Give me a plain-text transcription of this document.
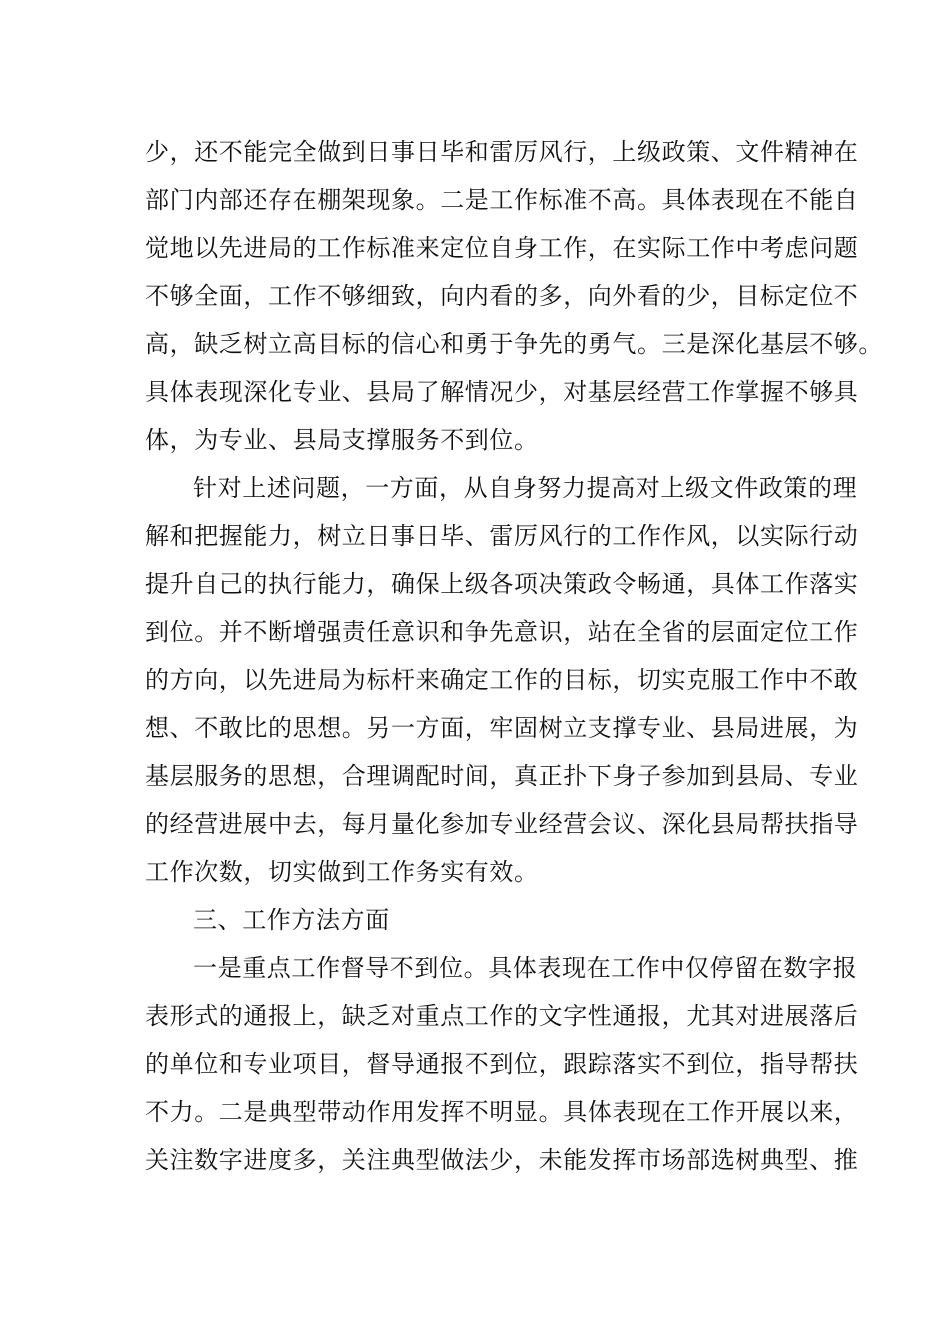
少，还不能完全做到日事日毕和雷厉风行，上级政策、文件精神在
部门内部还存在棚架现象。二是工作标准不高。具体表现在不能自
觉地以先进局的工作标准来定位自身工作，在实际工作中考虑问题
不够全面，工作不够细致，向内看的多，向外看的少，目标定位不
高，缺乏树立高目标的信心和勇于争先的勇气。三是深化基层不够。
具体表现深化专业、县局了解情况少，对基层经营工作掌握不够具
体，为专业、县局支撑服务不到位。
针对上述问题，一方面，从自身努力提高对上级文件政策的理
解和把握能力，树立日事日毕、雷厉风行的工作作风，以实际行动
提升自己的执行能力，确保上级各项决策政令畅通，具体工作落实
到位。并不断增强责任意识和争先意识，站在全省的层面定位工作
的方向，以先进局为标杆来确定工作的目标，切实克服工作中不敢
想、不敢比的思想。另一方面，牢固树立支撑专业、县局进展，为
基层服务的思想，合理调配时间，真正扑下身子参加到县局、专业
的经营进展中去，每月量化参加专业经营会议、深化县局帮扶指导
工作次数，切实做到工作务实有效。
三、工作方法方面
一是重点工作督导不到位。具体表现在工作中仅停留在数字报
表形式的通报上，缺乏对重点工作的文字性通报，尤其对进展落后
的单位和专业项目，督导通报不到位，跟踪落实不到位，指导帮扶
不力。二是典型带动作用发挥不明显。具体表现在工作开展以来，
关注数字进度多，关注典型做法少，未能发挥市场部选树典型、推
